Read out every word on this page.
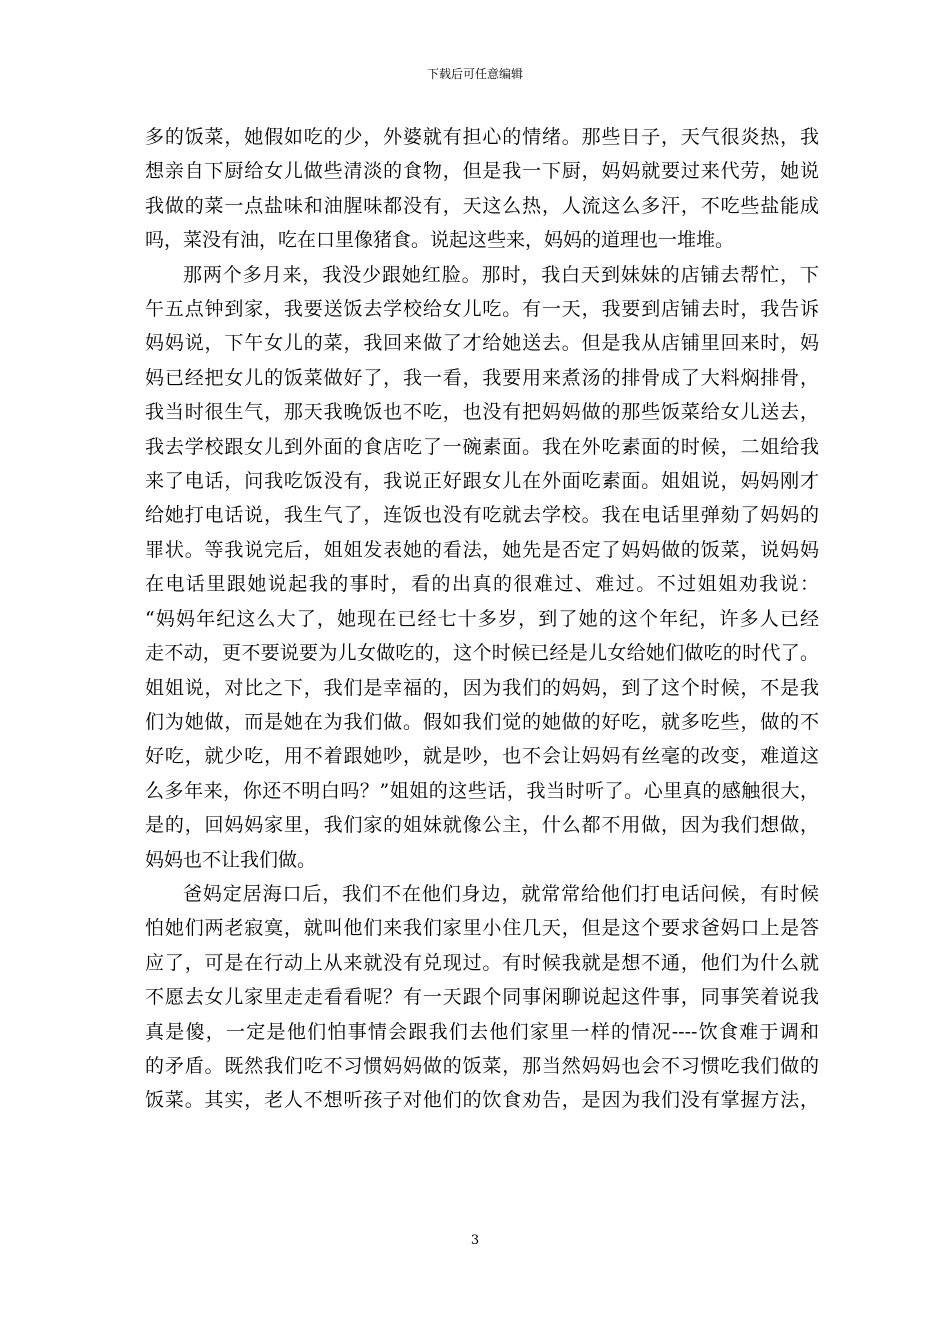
下载后可任意编辑

多的饭菜，她假如吃的少，外婆就有担心的情绪。那些日子，天气很炎热，我
想亲自下厨给女儿做些清淡的食物，但是我一下厨，妈妈就要过来代劳，她说
我做的菜一点盐味和油腥味都没有，天这么热，人流这么多汗，不吃些盐能成
吗，菜没有油，吃在口里像猪食。说起这些来，妈妈的道理也一堆堆。

那两个多月来，我没少跟她红脸。那时，我白天到妹妹的店铺去帮忙，下
午五点钟到家，我要送饭去学校给女儿吃。有一天，我要到店铺去时，我告诉
妈妈说，下午女儿的菜，我回来做了才给她送去。但是我从店铺里回来时，妈
妈已经把女儿的饭菜做好了，我一看，我要用来煮汤的排骨成了大料焖排骨，
我当时很生气，那天我晚饭也不吃，也没有把妈妈做的那些饭菜给女儿送去，
我去学校跟女儿到外面的食店吃了一碗素面。我在外吃素面的时候，二姐给我
来了电话，问我吃饭没有，我说正好跟女儿在外面吃素面。姐姐说，妈妈刚才
给她打电话说，我生气了，连饭也没有吃就去学校。我在电话里弹劾了妈妈的
罪状。等我说完后，姐姐发表她的看法，她先是否定了妈妈做的饭菜，说妈妈
在电话里跟她说起我的事时，看的出真的很难过、难过。不过姐姐劝我说：
“妈妈年纪这么大了，她现在已经七十多岁，到了她的这个年纪，许多人已经
走不动，更不要说要为儿女做吃的，这个时候已经是儿女给她们做吃的时代了。
姐姐说，对比之下，我们是幸福的，因为我们的妈妈，到了这个时候，不是我
们为她做，而是她在为我们做。假如我们觉的她做的好吃，就多吃些，做的不
好吃，就少吃，用不着跟她吵，就是吵，也不会让妈妈有丝毫的改变，难道这
么多年来，你还不明白吗？”姐姐的这些话，我当时听了。心里真的感触很大，
是的，回妈妈家里，我们家的姐妹就像公主，什么都不用做，因为我们想做，
妈妈也不让我们做。

爸妈定居海口后，我们不在他们身边，就常常给他们打电话问候，有时候
怕她们两老寂寞，就叫他们来我们家里小住几天，但是这个要求爸妈口上是答
应了，可是在行动上从来就没有兑现过。有时候我就是想不通，他们为什么就
不愿去女儿家里走走看看呢？有一天跟个同事闲聊说起这件事，同事笑着说我
真是傻，一定是他们怕事情会跟我们去他们家里一样的情况----饮食难于调和
的矛盾。既然我们吃不习惯妈妈做的饭菜，那当然妈妈也会不习惯吃我们做的
饭菜。其实，老人不想听孩子对他们的饮食劝告，是因为我们没有掌握方法，

3
